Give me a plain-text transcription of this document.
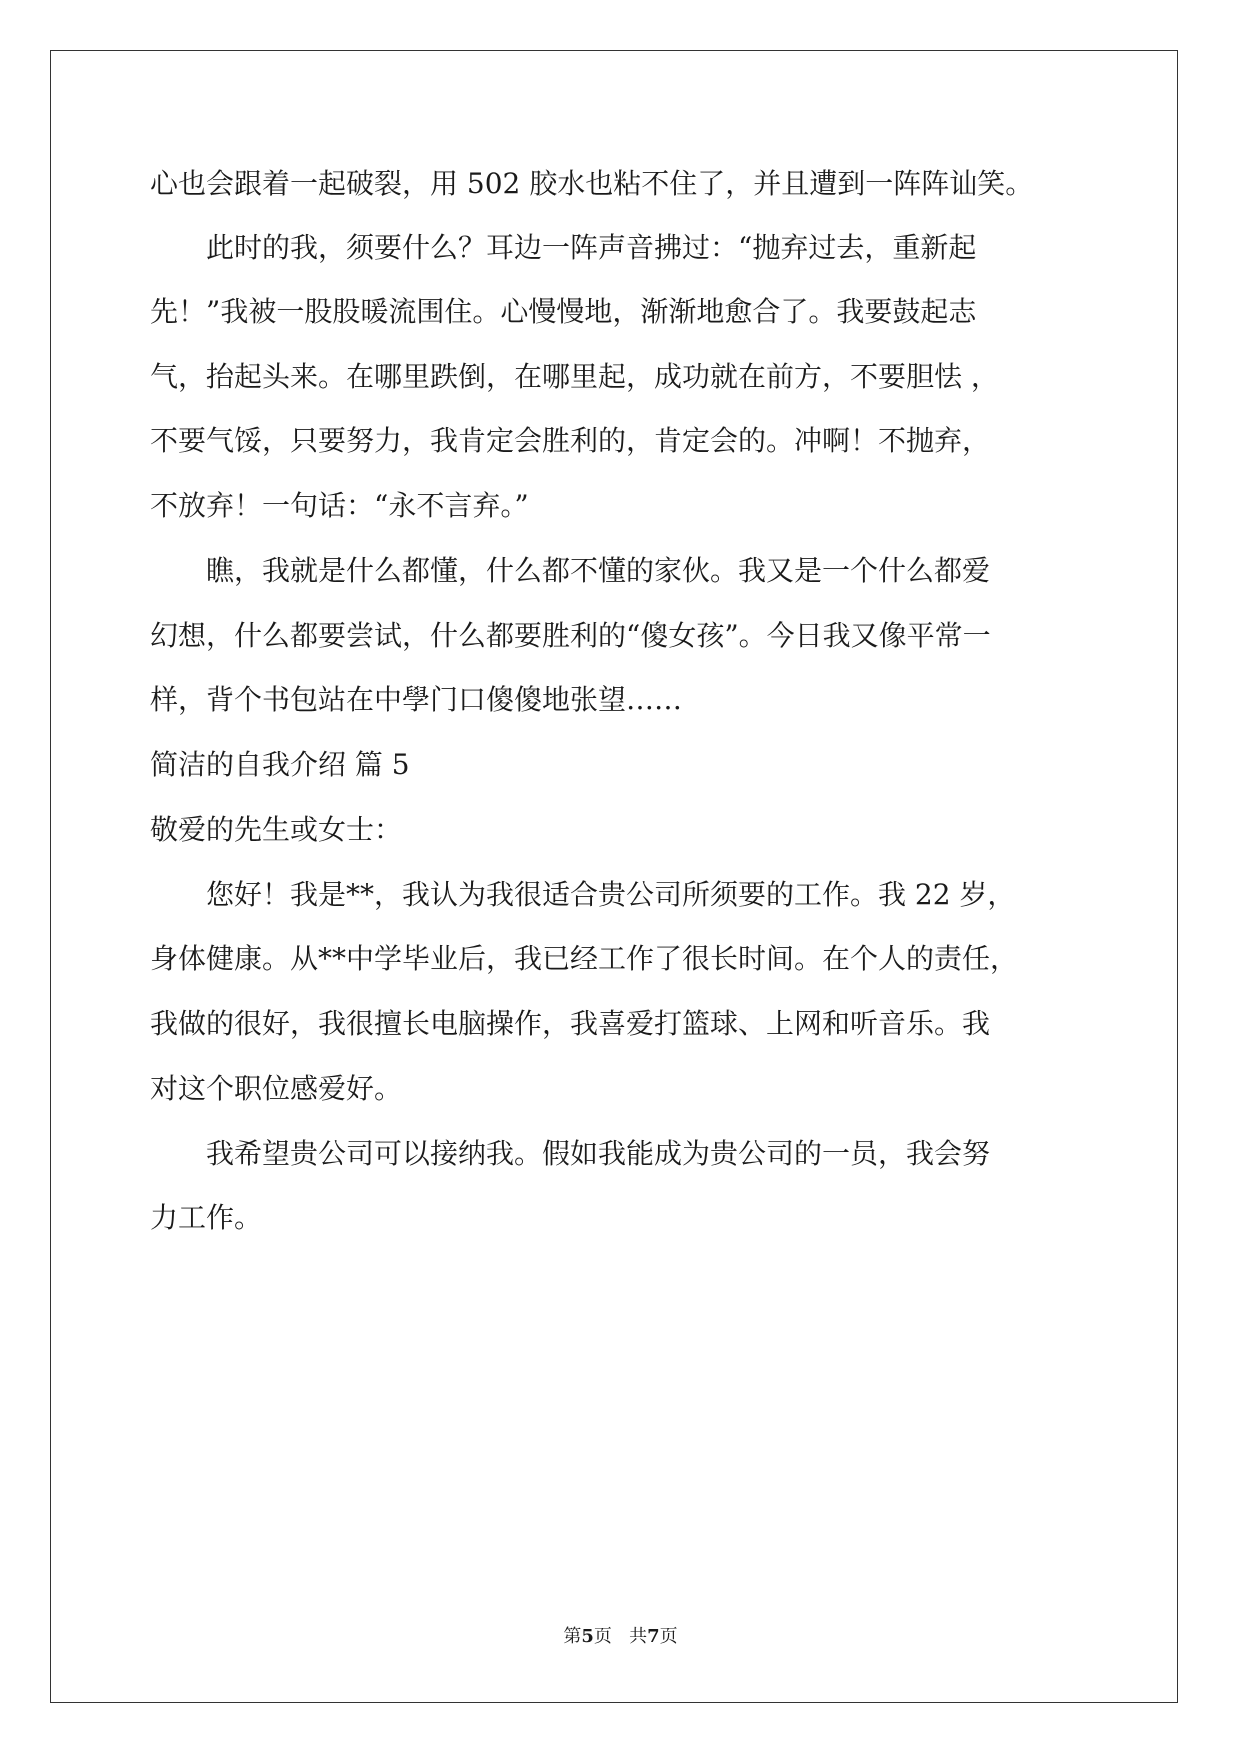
心也会跟着一起破裂，用 502 胶水也粘不住了，并且遭到一阵阵讪笑。
　　此时的我，须要什么？耳边一阵声音拂过：“抛弃过去，重新起
先！”我被一股股暖流围住。心慢慢地，渐渐地愈合了。我要鼓起志
气，抬起头来。在哪里跌倒，在哪里起，成功就在前方，不要胆怯 ，
不要气馁，只要努力，我肯定会胜利的，肯定会的。冲啊！不抛弃，
不放弃！一句话：“永不言弃。”
　　瞧，我就是什么都懂，什么都不懂的家伙。我又是一个什么都爱
幻想，什么都要尝试，什么都要胜利的“傻女孩”。今日我又像平常一
样，背个书包站在中學门口傻傻地张望……
简洁的自我介绍 篇 5
敬爱的先生或女士：
　　您好！我是**，我认为我很适合贵公司所须要的工作。我 22 岁，
身体健康。从**中学毕业后，我已经工作了很长时间。在个人的责任，
我做的很好，我很擅长电脑操作，我喜爱打篮球、上网和听音乐。我
对这个职位感爱好。
　　我希望贵公司可以接纳我。假如我能成为贵公司的一员，我会努
力工作。
第5页   共7页
